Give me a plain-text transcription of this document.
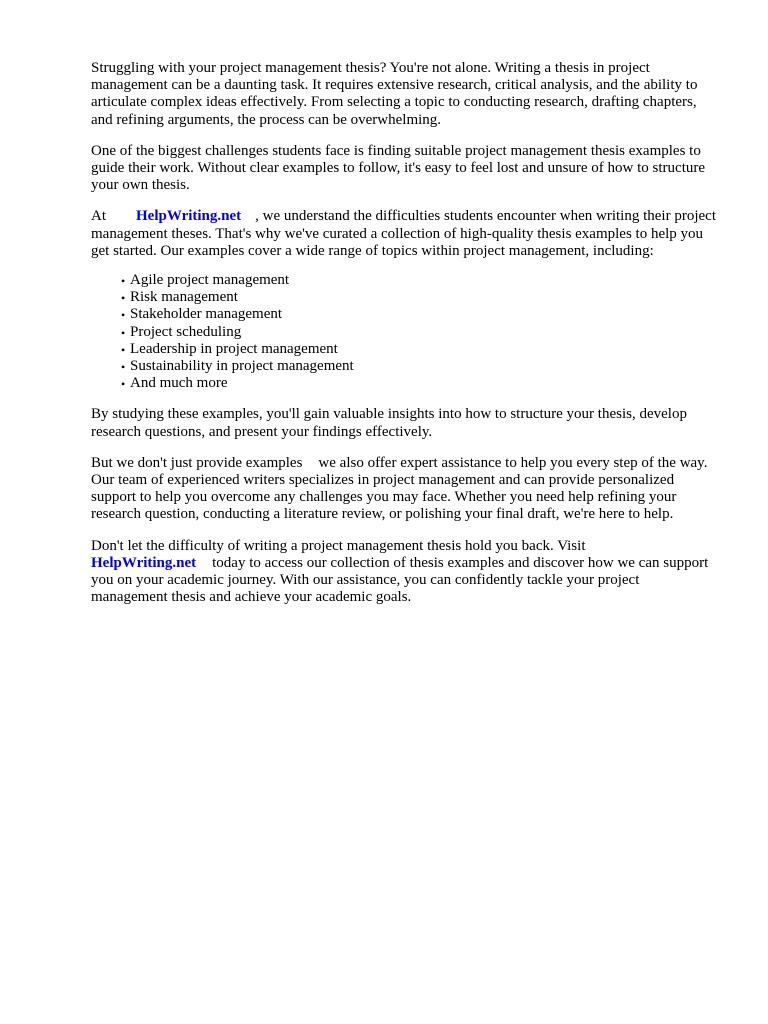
Struggling with your project management thesis? You're not alone. Writing a thesis in project management can be a daunting task. It requires extensive research, critical analysis, and the ability to articulate complex ideas effectively. From selecting a topic to conducting research, drafting chapters, and refining arguments, the process can be overwhelming.

One of the biggest challenges students face is finding suitable project management thesis examples to guide their work. Without clear examples to follow, it's easy to feel lost and unsure of how to structure your own thesis.

At HelpWriting.net , we understand the difficulties students encounter when writing their project management theses. That's why we've curated a collection of high-quality thesis examples to help you get started. Our examples cover a wide range of topics within project management, including:

• Agile project management
• Risk management
• Stakeholder management
• Project scheduling
• Leadership in project management
• Sustainability in project management
• And much more

By studying these examples, you'll gain valuable insights into how to structure your thesis, develop research questions, and present your findings effectively.

But we don't just provide examples we also offer expert assistance to help you every step of the way. Our team of experienced writers specializes in project management and can provide personalized support to help you overcome any challenges you may face. Whether you need help refining your research question, conducting a literature review, or polishing your final draft, we're here to help.

Don't let the difficulty of writing a project management thesis hold you back. Visit
HelpWriting.net today to access our collection of thesis examples and discover how we can support you on your academic journey. With our assistance, you can confidently tackle your project management thesis and achieve your academic goals.
